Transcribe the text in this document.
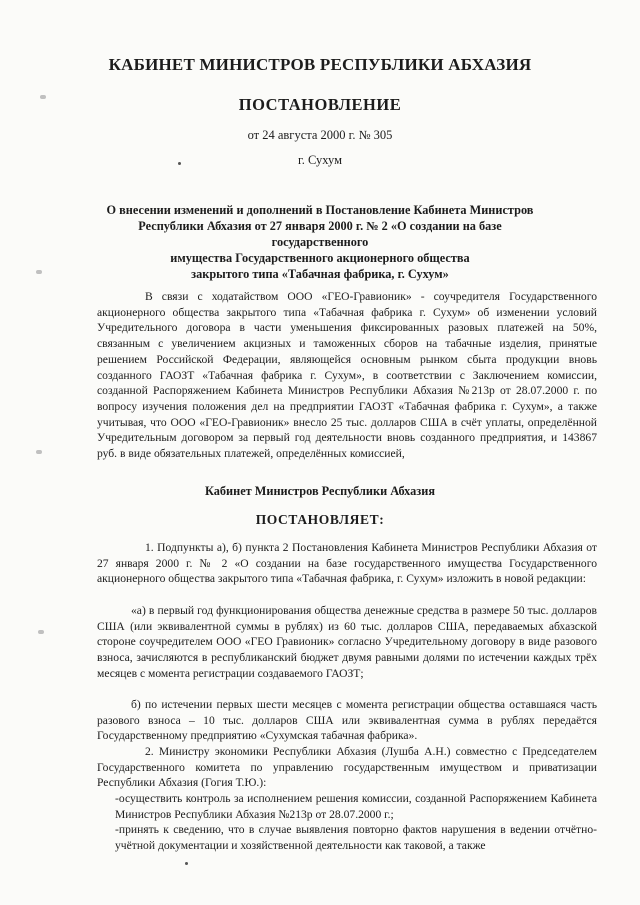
КАБИНЕТ МИНИСТРОВ РЕСПУБЛИКИ АБХАЗИЯ
ПОСТАНОВЛЕНИЕ
от 24 августа 2000 г. № 305
г. Сухум
О внесении изменений и дополнений в Постановление Кабинета Министров
Республики Абхазия от 27 января 2000 г. № 2 «О создании на базе государственного
имущества Государственного акционерного общества
закрытого типа «Табачная фабрика, г. Сухум»
В связи с ходатайством ООО «ГЕО-Гравионик» - соучредителя Государственного акционерного общества закрытого типа «Табачная фабрика г. Сухум» об изменении условий Учредительного договора в части уменьшения фиксированных разовых платежей на 50%, связанным с увеличением акцизных и таможенных сборов на табачные изделия, принятые решением Российской Федерации, являющейся основным рынком сбыта продукции вновь созданного ГАОЗТ «Табачная фабрика г. Сухум», в соответствии с Заключением комиссии, созданной Распоряжением Кабинета Министров Республики Абхазия №213р от 28.07.2000 г. по вопросу изучения положения дел на предприятии ГАОЗТ «Табачная фабрика г. Сухум», а также учитывая, что ООО «ГЕО-Гравионик» внесло 25 тыс. долларов США в счёт уплаты, определённой Учредительным договором за первый год деятельности вновь созданного предприятия, и 143867 руб. в виде обязательных платежей, определённых комиссией,
Кабинет Министров Республики Абхазия
ПОСТАНОВЛЯЕТ:
1. Подпункты а), б) пункта 2 Постановления Кабинета Министров Республики Абхазия от 27 января 2000 г. № 2 «О создании на базе государственного имущества Государственного акционерного общества закрытого типа «Табачная фабрика, г. Сухум» изложить в новой редакции:
«а) в первый год функционирования общества денежные средства в размере 50 тыс. долларов США (или эквивалентной суммы в рублях) из 60 тыс. долларов США, передаваемых абхазской стороне соучредителем ООО «ГЕО Гравионик» согласно Учредительному договору в виде разового взноса, зачисляются в республиканский бюджет двумя равными долями по истечении каждых трёх месяцев с момента регистрации создаваемого ГАОЗТ;
б) по истечении первых шести месяцев с момента регистрации общества оставшаяся часть разового взноса – 10 тыс. долларов США или эквивалентная сумма в рублях передаётся Государственному предприятию «Сухумская табачная фабрика».
2. Министру экономики Республики Абхазия (Лушба А.Н.) совместно с Председателем Государственного комитета по управлению государственным имуществом и приватизации Республики Абхазия (Гогия Т.Ю.):
-осуществить контроль за исполнением решения комиссии, созданной Распоряжением Кабинета Министров Республики Абхазия №213р от 28.07.2000 г.;
-принять к сведению, что в случае выявления повторно фактов нарушения в ведении отчётно-учётной документации и хозяйственной деятельности как таковой, а также
